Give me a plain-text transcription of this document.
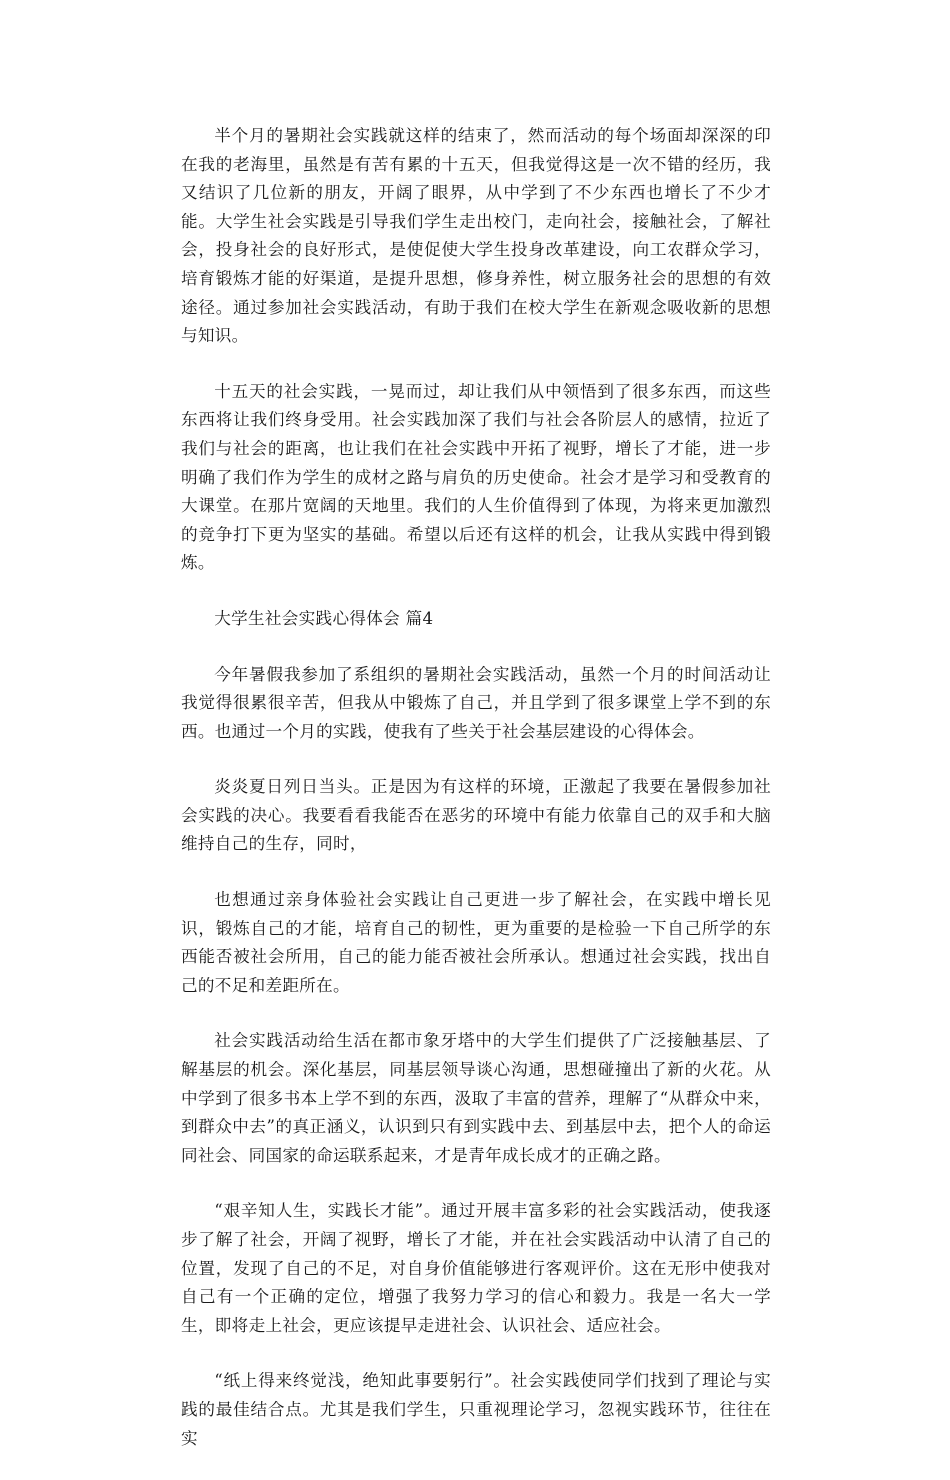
半个月的暑期社会实践就这样的结束了，然而活动的每个场面却深深的印在我的老海里，虽然是有苦有累的十五天，但我觉得这是一次不错的经历，我又结识了几位新的朋友，开阔了眼界，从中学到了不少东西也增长了不少才能。大学生社会实践是引导我们学生走出校门，走向社会，接触社会，了解社会，投身社会的良好形式，是使促使大学生投身改革建设，向工农群众学习，培育锻炼才能的好渠道，是提升思想，修身养性，树立服务社会的思想的有效途径。通过参加社会实践活动，有助于我们在校大学生在新观念吸收新的思想与知识。

十五天的社会实践，一晃而过，却让我们从中领悟到了很多东西，而这些东西将让我们终身受用。社会实践加深了我们与社会各阶层人的感情，拉近了我们与社会的距离，也让我们在社会实践中开拓了视野，增长了才能，进一步明确了我们作为学生的成材之路与肩负的历史使命。社会才是学习和受教育的大课堂。在那片宽阔的天地里。我们的人生价值得到了体现，为将来更加激烈的竞争打下更为坚实的基础。希望以后还有这样的机会，让我从实践中得到锻炼。

大学生社会实践心得体会 篇4

今年暑假我参加了系组织的暑期社会实践活动，虽然一个月的时间活动让我觉得很累很辛苦，但我从中锻炼了自己，并且学到了很多课堂上学不到的东西。也通过一个月的实践，使我有了些关于社会基层建设的心得体会。

炎炎夏日列日当头。正是因为有这样的环境，正激起了我要在暑假参加社会实践的决心。我要看看我能否在恶劣的环境中有能力依靠自己的双手和大脑维持自己的生存，同时，

也想通过亲身体验社会实践让自己更进一步了解社会，在实践中增长见识，锻炼自己的才能，培育自己的韧性，更为重要的是检验一下自己所学的东西能否被社会所用，自己的能力能否被社会所承认。想通过社会实践，找出自己的不足和差距所在。

社会实践活动给生活在都市象牙塔中的大学生们提供了广泛接触基层、了解基层的机会。深化基层，同基层领导谈心沟通，思想碰撞出了新的火花。从中学到了很多书本上学不到的东西，汲取了丰富的营养，理解了“从群众中来，到群众中去”的真正涵义，认识到只有到实践中去、到基层中去，把个人的命运同社会、同国家的命运联系起来，才是青年成长成才的正确之路。

“艰辛知人生，实践长才能”。通过开展丰富多彩的社会实践活动，使我逐步了解了社会，开阔了视野，增长了才能，并在社会实践活动中认清了自己的位置，发现了自己的不足，对自身价值能够进行客观评价。这在无形中使我对自己有一个正确的定位，增强了我努力学习的信心和毅力。我是一名大一学生，即将走上社会，更应该提早走进社会、认识社会、适应社会。

“纸上得来终觉浅，绝知此事要躬行”。社会实践使同学们找到了理论与实践的最佳结合点。尤其是我们学生，只重视理论学习，忽视实践环节，往往在实
